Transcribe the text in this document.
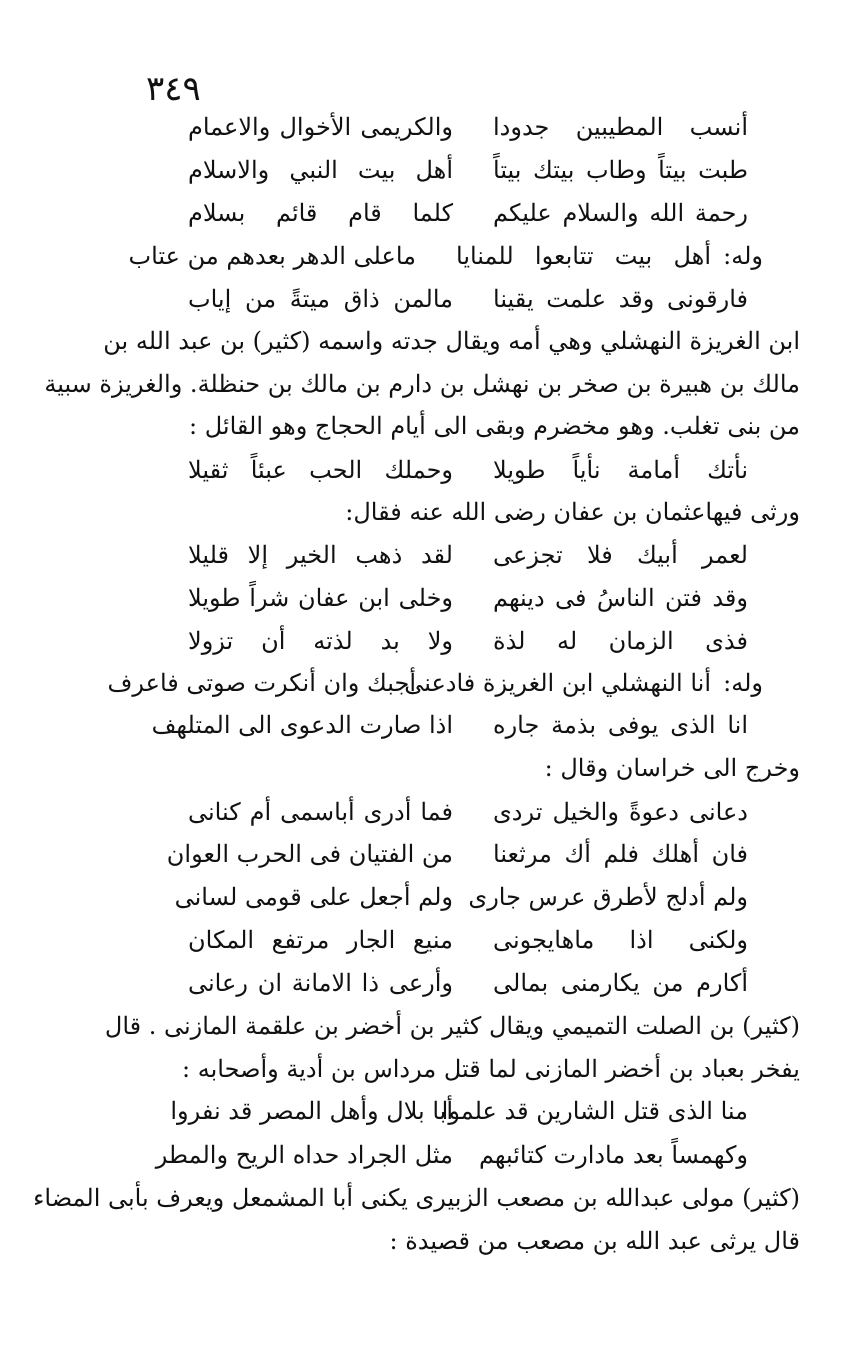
٣٤٩
أنسب المطيبين جدودا
والكريمى الأخوال والاعمام
طبت بيتاً وطاب بيتك بيتاً
أهل بيت النبي والاسلام
رحمة الله والسلام عليكم
كلما قام قائم بسلام
وله:
أهل بيت تتابعوا للمنايا
ماعلى الدهر بعدهم من عتاب
فارقونى وقد علمت يقينا
مالمن ذاق ميتةً من إياب
ابن الغريزة النهشلي وهي أمه ويقال جدته واسمه (كثير) بن عبد الله بن
مالك بن هبيرة بن صخر بن نهشل بن دارم بن مالك بن حنظلة. والغريزة سبية
من بنى تغلب. وهو مخضرم وبقى الى أيام الحجاج وهو القائل :
نأتك أمامة نأياً طويلا
وحملك الحب عبئاً ثقيلا
ورثى فيهاعثمان بن عفان رضى الله عنه فقال:
لعمر أبيك فلا تجزعى
لقد ذهب الخير إلا قليلا
وقد فتن الناسُ فى دينهم
وخلى ابن عفان شراً طويلا
فذى الزمان له لذة
ولا بد لذته أن تزولا
وله:
أنا النهشلي ابن الغريزة فادعنى
أجبك وان أنكرت صوتى فاعرف
انا الذى يوفى بذمة جاره
اذا صارت الدعوى الى المتلهف
وخرج الى خراسان وقال :
دعانى دعوةً والخيل تردى
فما أدرى أباسمى أم كنانى
فان أهلك فلم أك مرثعنا
من الفتيان فى الحرب العوان
ولم أدلج لأطرق عرس جارى
ولم أجعل على قومى لسانى
ولكنى اذا ماهايجونى
منيع الجار مرتفع المكان
أكارم من يكارمنى بمالى
وأرعى ذا الامانة ان رعانى
(كثير) بن الصلت التميمي ويقال كثير بن أخضر بن علقمة المازنى . قال
يفخر بعباد بن أخضر المازنى لما قتل مرداس بن أدية وأصحابه :
منا الذى قتل الشارين قد علموا
أبا بلال وأهل المصر قد نفروا
وكهمساً بعد مادارت كتائبهم
مثل الجراد حداه الريح والمطر
(كثير) مولى عبدالله بن مصعب الزبيرى يكنى أبا المشمعل ويعرف بأبى المضاء
قال يرثى عبد الله بن مصعب من قصيدة :
